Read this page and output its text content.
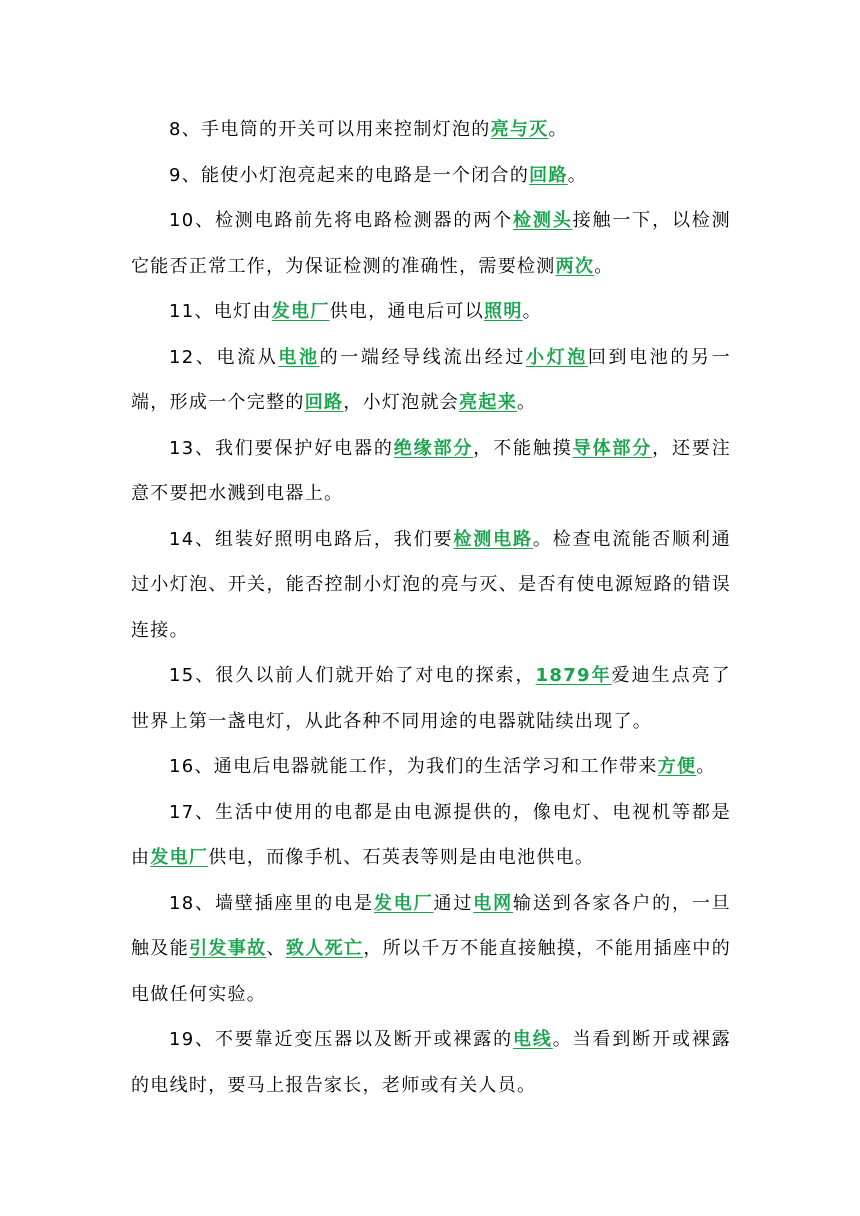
8、手电筒的开关可以用来控制灯泡的亮与灭。

9、能使小灯泡亮起来的电路是一个闭合的回路。

10、检测电路前先将电路检测器的两个检测头接触一下，以检测它能否正常工作，为保证检测的准确性，需要检测两次。

11、电灯由发电厂供电，通电后可以照明。

12、电流从电池的一端经导线流出经过小灯泡回到电池的另一端，形成一个完整的回路，小灯泡就会亮起来。

13、我们要保护好电器的绝缘部分，不能触摸导体部分，还要注意不要把水溅到电器上。

14、组装好照明电路后，我们要检测电路。检查电流能否顺利通过小灯泡、开关，能否控制小灯泡的亮与灭、是否有使电源短路的错误连接。

15、很久以前人们就开始了对电的探索，1879年爱迪生点亮了世界上第一盏电灯，从此各种不同用途的电器就陆续出现了。

16、通电后电器就能工作，为我们的生活学习和工作带来方便。

17、生活中使用的电都是由电源提供的，像电灯、电视机等都是由发电厂供电，而像手机、石英表等则是由电池供电。

18、墙壁插座里的电是发电厂通过电网输送到各家各户的，一旦触及能引发事故、致人死亡，所以千万不能直接触摸，不能用插座中的电做任何实验。

19、不要靠近变压器以及断开或裸露的电线。当看到断开或裸露的电线时，要马上报告家长，老师或有关人员。
